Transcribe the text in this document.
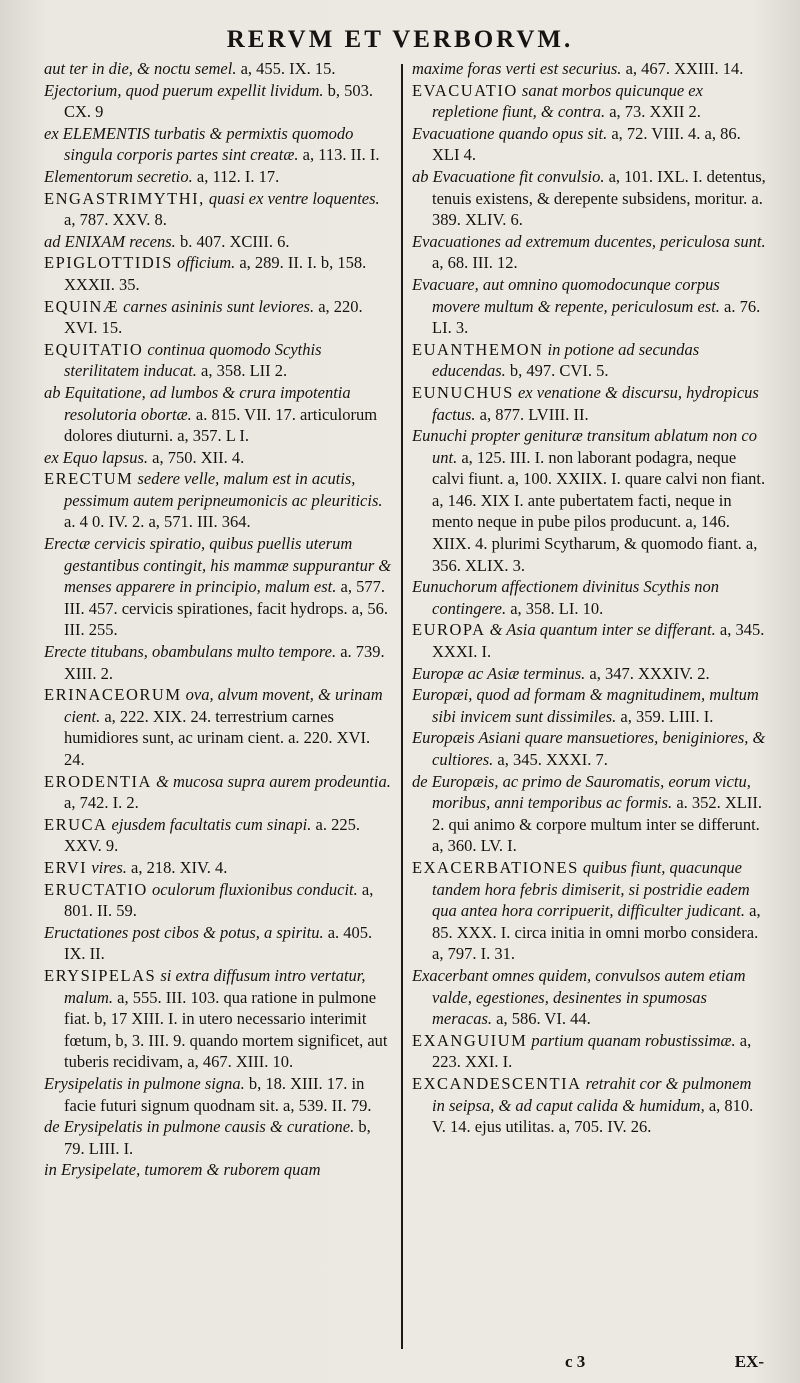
RERVM ET VERBORVM.

aut ter in die, & noctu semel. a, 455. IX. 15.

Ejectorium, quod puerum expellit lividum. b, 503. CX. 9

ex ELEMENTIS turbatis & permixtis quomodo singula corporis partes sint creatæ. a, 113. II. I.

Elementorum secretio. a, 112. I. 17.

ENGASTRIMYTHI, quasi ex ventre loquentes. a, 787. XXV. 8.

ad ENIXAM recens. b. 407. XCIII. 6.

EPIGLOTTIDIS officium. a, 289. II. I. b, 158. XXXII. 35.

EQUINÆ carnes asininis sunt leviores. a, 220. XVI. 15.

EQUITATIO continua quomodo Scythis sterilitatem inducat. a, 358. LII 2.

ab Equitatione, ad lumbos & crura impotentia resolutoria obortæ. a. 815. VII. 17. articulorum dolores diuturni. a, 357. L I.

ex Equo lapsus. a, 750. XII. 4.

ERECTUM sedere velle, malum est in acutis, pessimum autem peripneumonicis ac pleuriticis. a. 4 0. IV. 2. a, 571. III. 364.

Erectæ cervicis spiratio, quibus puellis uterum gestantibus contingit, his mammæ suppurantur & menses apparere in principio, malum est. a, 577. III. 457. cervicis spirationes, facit hydrops. a, 56. III. 255.

Erecte titubans, obambulans multo tempore. a. 739. XIII. 2.

ERINACEORUM ova, alvum movent, & urinam cient. a, 222. XIX. 24. terrestrium carnes humidiores sunt, ac urinam cient. a. 220. XVI. 24.

ERODENTIA & mucosa supra aurem prodeuntia. a, 742. I. 2.

ERUCA ejusdem facultatis cum sinapi. a. 225. XXV. 9.

ERVI vires. a, 218. XIV. 4.

ERUCTATIO oculorum fluxionibus conducit. a, 801. II. 59.

Eructationes post cibos & potus, a spiritu. a. 405. IX. II.

ERYSIPELAS si extra diffusum intro vertatur, malum. a, 555. III. 103. qua ratione in pulmone fiat. b, 17 XIII. I. in utero necessario interimit fœtum, b, 3. III. 9. quando mortem significet, aut tuberis recidivam, a, 467. XIII. 10.

Erysipelatis in pulmone signa. b, 18. XIII. 17. in facie futuri signum quodnam sit. a, 539. II. 79.

de Erysipelatis in pulmone causis & curatione. b, 79. LIII. I.

in Erysipelate, tumorem & ruborem quam

maxime foras verti est securius. a, 467. XXIII. 14.

EVACUATIO sanat morbos quicunque ex repletione fiunt, & contra. a, 73. XXII 2.

Evacuatione quando opus sit. a, 72. VIII. 4. a, 86. XLI 4.

ab Evacuatione fit convulsio. a, 101. IXL. I. detentus, tenuis existens, & derepente subsidens, moritur. a. 389. XLIV. 6.

Evacuationes ad extremum ducentes, periculosa sunt. a, 68. III. 12.

Evacuare, aut omnino quomodocunque corpus movere multum & repente, periculosum est. a. 76. LI. 3.

EUANTHEMON in potione ad secundas educendas. b, 497. CVI. 5.

EUNUCHUS ex venatione & discursu, hydropicus factus. a, 877. LVIII. II.

Eunuchi propter genituræ transitum ablatum non co unt. a, 125. III. I. non laborant podagra, neque calvi fiunt. a, 100. XXIIX. I. quare calvi non fiant. a, 146. XIX I. ante pubertatem facti, neque in mento neque in pube pilos producunt. a, 146. XIIX. 4. plurimi Scytharum, & quomodo fiant. a, 356. XLIX. 3.

Eunuchorum affectionem divinitus Scythis non contingere. a, 358. LI. 10.

EUROPA & Asia quantum inter se differant. a, 345. XXXI. I.

Europæ ac Asiæ terminus. a, 347. XXXIV. 2.

Europæi, quod ad formam & magnitudinem, multum sibi invicem sunt dissimiles. a, 359. LIII. I.

Europæis Asiani quare mansuetiores, beniginiores, & cultiores. a, 345. XXXI. 7.

de Europæis, ac primo de Sauromatis, eorum victu, moribus, anni temporibus ac formis. a. 352. XLII. 2. qui animo & corpore multum inter se differunt. a, 360. LV. I.

EXACERBATIONES quibus fiunt, quacunque tandem hora febris dimiserit, si postridie eadem qua antea hora corripuerit, difficulter judicant. a, 85. XXX. I. circa initia in omni morbo considera. a, 797. I. 31.

Exacerbant omnes quidem, convulsos autem etiam valde, egestiones, desinentes in spumosas meracas. a, 586. VI. 44.

EXANGUIUM partium quanam robustissimæ. a, 223. XXI. I.

EXCANDESCENTIA retrahit cor & pulmonem in seipsa, & ad caput calida & humidum, a, 810. V. 14. ejus utilitas. a, 705. IV. 26.

c 3	EX-
